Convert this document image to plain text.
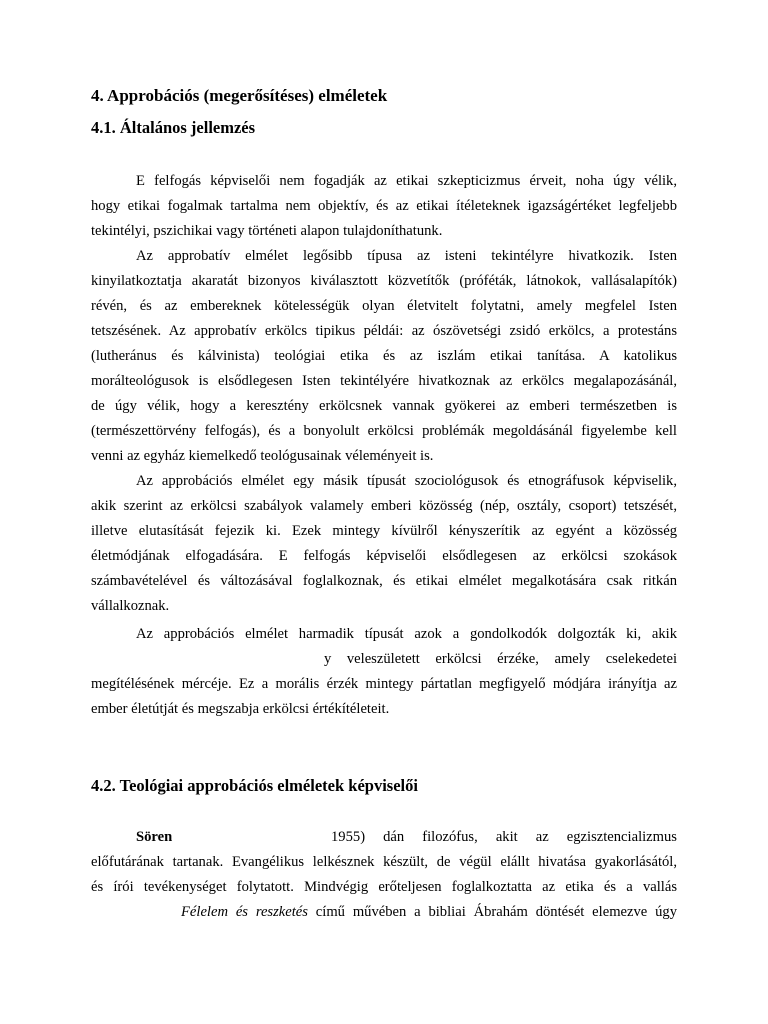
4. Approbációs (megerősítéses) elméletek
4.1. Általános jellemzés
E felfogás képviselői nem fogadják az etikai szkepticizmus érveit, noha úgy vélik,
hogy etikai fogalmak tartalma nem objektív, és az etikai ítéleteknek igazságértéket legfeljebb
tekintélyi, pszichikai vagy történeti alapon tulajdoníthatunk.
Az approbatív elmélet legősibb típusa az isteni tekintélyre hivatkozik. Isten
kinyilatkoztatja akaratát bizonyos kiválasztott közvetítők (próféták, látnokok, vallásalapítók)
révén, és az embereknek kötelességük olyan életvitelt folytatni, amely megfelel Isten
tetszésének. Az approbatív erkölcs tipikus példái: az ószövetségi zsidó erkölcs, a protestáns
(lutheránus és kálvinista) teológiai etika és az iszlám etikai tanítása. A katolikus
morálteológusok is elsődlegesen Isten tekintélyére hivatkoznak az erkölcs megalapozásánál,
de úgy vélik, hogy a keresztény erkölcsnek vannak gyökerei az emberi természetben is
(természettörvény felfogás), és a bonyolult erkölcsi problémák megoldásánál figyelembe kell
venni az egyház kiemelkedő teológusainak véleményeit is.
Az approbációs elmélet egy másik típusát szociológusok és etnográfusok képviselik,
akik szerint az erkölcsi szabályok valamely emberi közösség (nép, osztály, csoport) tetszését,
illetve elutasítását fejezik ki. Ezek mintegy kívülről kényszerítik az egyént a közösség
életmódjának elfogadására. E felfogás képviselői elsődlegesen az erkölcsi szokások
számbavételével és változásával foglalkoznak, és etikai elmélet megalkotására csak ritkán
vállalkoznak.
Az approbációs elmélet harmadik típusát azok a gondolkodók dolgozták ki, akik
y veleszületett erkölcsi érzéke, amely cselekedetei
megítélésének mércéje. Ez a morális érzék mintegy pártatlan megfigyelő módjára irányítja az
ember életútját és megszabja erkölcsi értékítéleteit.
4.2. Teológiai approbációs elméletek képviselői
Sören	1955) dán filozófus, akit az egzisztencializmus
előfutárának tartanak. Evangélikus lelkésznek készült, de végül elállt hivatása gyakorlásától,
és írói tevékenységet folytatott. Mindvégig erőteljesen foglalkoztatta az etika és a vallás
Félelem és reszketés című művében a bibliai Ábrahám döntését elemezve úgy
